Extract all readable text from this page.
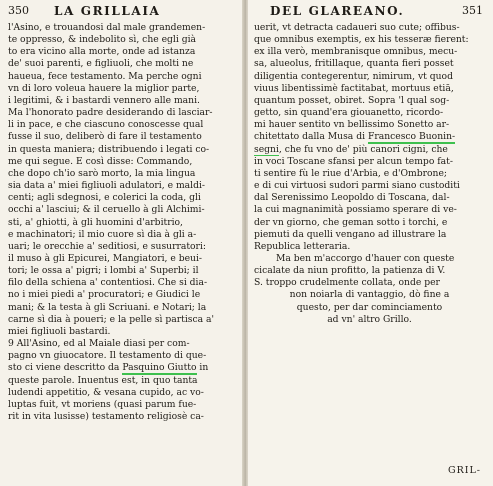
350 LA GRILLAIA
l'Asino, e trouandosi dal male grandemen-
te oppresso, & indebolito sì, che egli già
to era vicino alla morte, onde ad istanza
de' suoi parenti, e figliuoli, che molti ne
haueua, fece testamento. Ma perche ogni
vn di loro voleua hauere la miglior parte,
i legitimi, & i bastardi vennero alle mani.
Ma l'honorato padre desiderando di lasciar-
li in pace, e che ciascuno conoscesse qual
fusse il suo, deliberò di fare il testamento
in questa maniera; distribuendo i legati co-
me qui segue. E così disse: Commando,
che dopo ch'io sarò morto, la mia lingua
sia data a' miei figliuoli adulatori, e maldi-
centi; agli sdegnosi, e colerici la coda, gli
occhi a' lasciui; & il ceruello à gli Alchimi-
sti, a' ghiotti, à gli huomini d'arbitrio,
e machinatori; il mio cuore sì dia à gli a-
uari; le orecchie a' seditiosi, e susurratori:
il muso à gli Epicurei, Mangiatori, e beui-
tori; le ossa a' pigri; i lombi a' Superbi; il
filo della schiena a' contentiosi. Che si dia-
no i miei piedi a' procuratori; e Giudici le
mani; & la testa à gli Scriuani. e Notari; la
carne sì dia à poueri; e la pelle sì partisca a'
miei figliuoli bastardi.
9 All'Asino, ed al Maiale diasi per com-
pagno vn giuocatore. Il testamento di que-
sto ci viene descritto da Pasquino Giutto in
queste parole. Inuentus est, in quo tanta
ludendi appetitio, & vesana cupido, ac vo-
luptas fuit, vt moriens (quasi parum fue-
rit in vita lusisse) testamento religiosè ca-
DEL GLAREANO.	351
uerit, vt detracta cadaueri suo cute; offibus-
que omnibus exemptis, ex his tesseræ fierent:
ex illa verò, membranisque omnibus, mecu-
sa, alueolus, fritillaque, quanta fieri posset
diligentia contegerentur, nimirum, vt quod
viuus libentissimè factitabat, mortuus etiā,
quantum posset, obiret. Sopra 'l qual sog-
getto, sin quand'era giouanetto, ricordo-
mi hauer sentito vn bellissimo Sonetto ar-
chitettato dalla Musa di Francesco Buonin-
segni, che fu vno de' più canori cigni, che
in voci Toscane sfansi per alcun tempo fat-
ti sentire fù le riue d'Arbia, e d'Ombrone;
e di cui virtuosi sudori parmi siano custoditi
dal Serenissimo Leopoldo di Toscana, dal-
la cui magnanimità possiamo sperare di ve-
der vn giorno, che geman sotto i torchi, e
piemuti da quelli vengano ad illustrare la
Republica letteraria.
Ma ben m'accorgo d'hauer con queste
cicalate da niun profitto, la patienza di V.
S. troppo crudelmente collata, onde per
non noiarla di vantaggio, dò fine a
questo, per dar cominciamento
ad vn' altro Grillo.
GRIL-
